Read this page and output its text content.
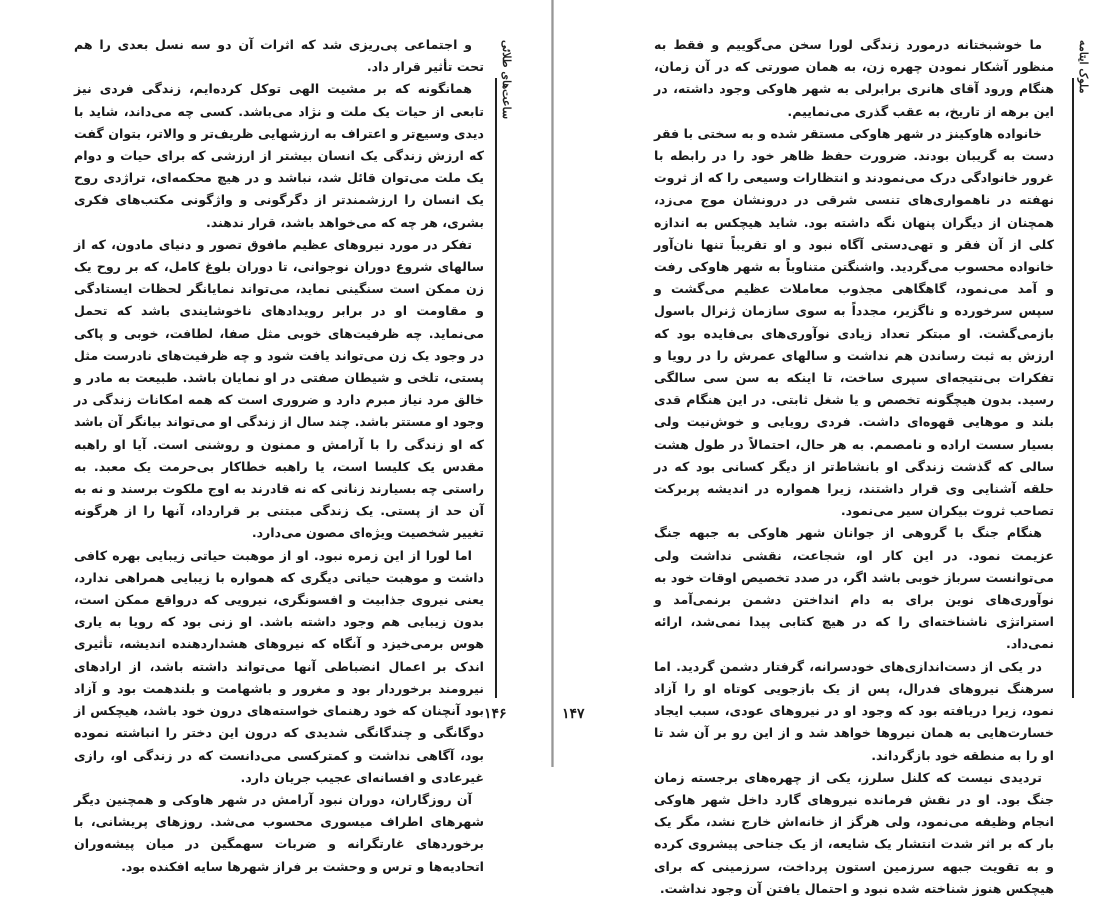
و اجتماعی پی‌ریزی شد که اثرات آن دو سه نسل بعدی را هم تحت تأثیر قرار داد.

همانگونه که بر مشیت الهی توکل کرده‌ایم، زندگی فردی نیز تابعی از حیات یک ملت و نژاد می‌باشد. کسی چه می‌داند، شاید با دیدی وسیع‌تر و اعتراف به ارزشهایی ظریف‌تر و والاتر، بتوان گفت که ارزش زندگی یک انسان بیشتر از ارزشی که برای حیات و دوام یک ملت می‌توان قائل شد، نباشد و در هیچ محکمه‌ای، تراژدی روح یک انسان را ارزشمندتر از دگرگونی و واژگونی مکتب‌های فکری بشری، هر چه که می‌خواهد باشد، قرار ندهند.

تفکر در مورد نیروهای عظیم مافوق تصور و دنیای مادون، که از سالهای شروع دوران نوجوانی، تا دوران بلوغ کامل، که بر روح یک زن ممکن است سنگینی نماید، می‌تواند نمایانگر لحظات ایستادگی و مقاومت او در برابر رویدادهای ناخوشایندی باشد که تحمل می‌نماید. چه ظرفیت‌های خوبی مثل صفا، لطافت، خوبی و پاکی در وجود یک زن می‌تواند یافت شود و چه ظرفیت‌های نادرست مثل پستی، تلخی و شیطان صفتی در او نمایان باشد. طبیعت به مادر و خالق مرد نیاز مبرم دارد و ضروری است که همه امکانات زندگی در وجود او مستتر باشد. چند سال از زندگی او می‌تواند بیانگر آن باشد که او زندگی را با آرامش و ممنون و روشنی است. آیا او راهبه مقدس یک کلیسا است، یا راهبه خطاکار بی‌حرمت یک معبد. به راستی چه بسیارند زنانی که نه قادرند به اوج ملکوت برسند و نه به آن حد از پستی. یک زندگی مبتنی بر قرارداد، آنها را از هرگونه تغییر شخصیت ویژه‌ای مصون می‌دارد.

اما لورا از این زمره نبود. او از موهبت حیاتی زیبایی بهره کافی داشت و موهبت حیاتی دیگری که همواره با زیبایی همراهی ندارد، یعنی نیروی جذابیت و افسونگری، نیرویی که درواقع ممکن است، بدون زیبایی هم وجود داشته باشد. او زنی بود که رویا به یاری هوس برمی‌خیزد و آنگاه که نیروهای هشداردهنده اندیشه، تأثیری اندک بر اعمال انضباطی آنها می‌تواند داشته باشد، از ارادهای نیرومند برخوردار بود و مغرور و باشهامت و بلندهمت بود و آزاد بود آنچنان که خود رهنمای خواسته‌های درون خود باشد، هیچکس از دوگانگی و چندگانگی شدیدی که درون این دختر را انباشته نموده بود، آگاهی نداشت و کمترکسی می‌دانست که در زندگی او، رازی غیرعادی و افسانه‌ای عجیب جریان دارد.

آن روزگاران، دوران نبود آرامش در شهر هاوکی و همچنین دیگر شهرهای اطراف میسوری محسوب می‌شد. روزهای پریشانی، با برخوردهای غارتگرانه و ضربات سهمگین در میان پیشه‌وران اتحادیه‌ها و ترس و وحشت بر فراز شهرها سایه افکنده بود.

ساعت‌های طلائی
۱۴۶

ما خوشبختانه درمورد زندگی لورا سخن می‌گوییم و فقط به منظور آشکار نمودن چهره زن، به همان صورتی که در آن زمان، هنگام ورود آقای هانری برابرلی به شهر هاوکی وجود داشته، در این برهه از تاریخ، به عقب گذری می‌نماییم.

خانواده هاوکینز در شهر هاوکی مستقر شده و به سختی با فقر دست به گریبان بودند. ضرورت حفظ ظاهر خود را در رابطه با غرور خانوادگی درک می‌نمودند و انتظارات وسیعی را که از ثروت نهفته در ناهمواری‌های تنسی شرقی در درونشان موج می‌زد، همچنان از دیگران پنهان نگه داشته بود. شاید هیچکس به اندازه کلی از آن فقر و تهی‌دستی آگاه نبود و او تقریباً تنها نان‌آور خانواده محسوب می‌گردید. واشنگتن متناوباً به شهر هاوکی رفت و آمد می‌نمود، گاهگاهی مجذوب معاملات عظیم می‌گشت و سپس سرخورده و ناگزیر، مجدداً به سوی سازمان ژنرال باسول بازمی‌گشت. او مبتکر تعداد زیادی نوآوری‌های بی‌فایده بود که ارزش به ثبت رساندن هم نداشت و سالهای عمرش را در رویا و تفکرات بی‌نتیجه‌ای سپری ساخت، تا اینکه به سن سی سالگی رسید. بدون هیچگونه تخصص و یا شغل ثابتی. در این هنگام قدی بلند و موهایی قهوه‌ای داشت. فردی رویایی و خوش‌نیت ولی بسیار سست اراده و نامصمم. به هر حال، احتمالاً در طول هشت سالی که گذشت زندگی او بانشاط‌تر از دیگر کسانی بود که در حلقه آشنایی وی قرار داشتند، زیرا همواره در اندیشه پربرکت تصاحب ثروت بیکران سیر می‌نمود.

هنگام جنگ با گروهی از جوانان شهر هاوکی به جبهه جنگ عزیمت نمود. در این کار او، شجاعت، نقشی نداشت ولی می‌توانست سرباز خوبی باشد اگر، در صدد تخصیص اوقات خود به نوآوری‌های نوین برای به دام انداختن دشمن برنمی‌آمد و استراتژی ناشناخته‌ای را که در هیچ کتابی پیدا نمی‌شد، ارائه نمی‌داد.

در یکی از دست‌اندازی‌های خودسرانه، گرفتار دشمن گردید. اما سرهنگ نیروهای فدرال، پس از یک بازجویی کوتاه او را آزاد نمود، زیرا دریافته بود که وجود او در نیروهای عودی، سبب ایجاد خسارت‌هایی به همان نیروها خواهد شد و از این رو بر آن شد تا او را به منطقه خود بازگرداند.

تردیدی نیست که کلنل سلرز، یکی از چهره‌های برجسته زمان جنگ بود. او در نقش فرمانده نیروهای گارد داخل شهر هاوکی انجام وظیفه می‌نمود، ولی هرگز از خانه‌اش خارج نشد، مگر یک بار که بر اثر شدت انتشار یک شایعه، از یک جناحی پیشروی کرده و به تقویت جبهه سرزمین استون پرداخت، سرزمینی که برای هیچکس هنوز شناخته شده نبود و احتمال یافتن آن وجود نداشت.

ملوک ایتامه
۱۴۷
